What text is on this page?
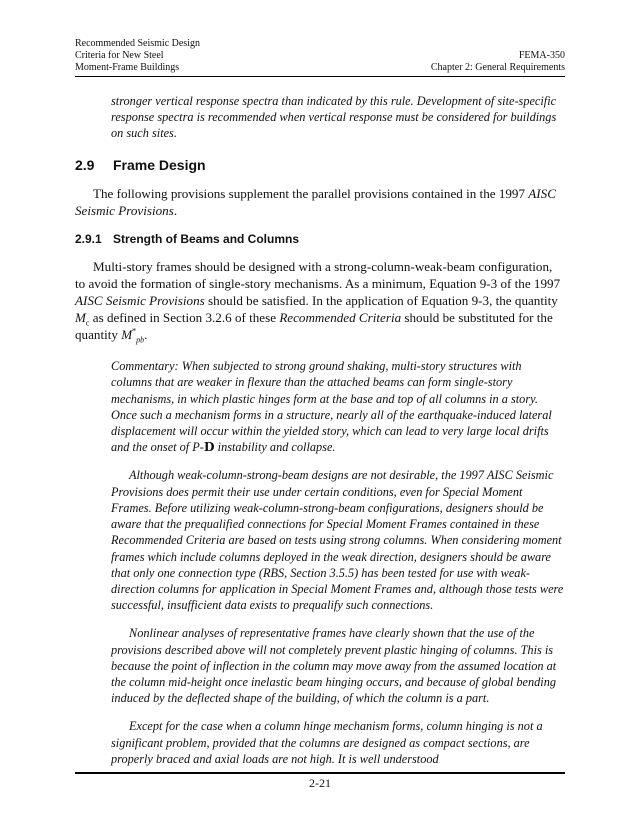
Recommended Seismic Design
Criteria for New Steel	FEMA-350
Moment-Frame Buildings	Chapter 2: General Requirements

stronger vertical response spectra than indicated by this rule. Development of site-specific response spectra is recommended when vertical response must be considered for buildings on such sites.

2.9	Frame Design

The following provisions supplement the parallel provisions contained in the 1997 AISC Seismic Provisions.

2.9.1 Strength of Beams and Columns

Multi-story frames should be designed with a strong-column-weak-beam configuration, to avoid the formation of single-story mechanisms. As a minimum, Equation 9-3 of the 1997 AISC Seismic Provisions should be satisfied. In the application of Equation 9-3, the quantity $M_c$ as defined in Section 3.2.6 of these Recommended Criteria should be substituted for the quantity $M^*_{pb}$.

Commentary: When subjected to strong ground shaking, multi-story structures with columns that are weaker in flexure than the attached beams can form single-story mechanisms, in which plastic hinges form at the base and top of all columns in a story. Once such a mechanism forms in a structure, nearly all of the earthquake-induced lateral displacement will occur within the yielded story, which can lead to very large local drifts and the onset of P-D instability and collapse.

Although weak-column-strong-beam designs are not desirable, the 1997 AISC Seismic Provisions does permit their use under certain conditions, even for Special Moment Frames. Before utilizing weak-column-strong-beam configurations, designers should be aware that the prequalified connections for Special Moment Frames contained in these Recommended Criteria are based on tests using strong columns. When considering moment frames which include columns deployed in the weak direction, designers should be aware that only one connection type (RBS, Section 3.5.5) has been tested for use with weak-direction columns for application in Special Moment Frames and, although those tests were successful, insufficient data exists to prequalify such connections.

Nonlinear analyses of representative frames have clearly shown that the use of the provisions described above will not completely prevent plastic hinging of columns. This is because the point of inflection in the column may move away from the assumed location at the column mid-height once inelastic beam hinging occurs, and because of global bending induced by the deflected shape of the building, of which the column is a part.

Except for the case when a column hinge mechanism forms, column hinging is not a significant problem, provided that the columns are designed as compact sections, are properly braced and axial loads are not high. It is well understood

2-21
